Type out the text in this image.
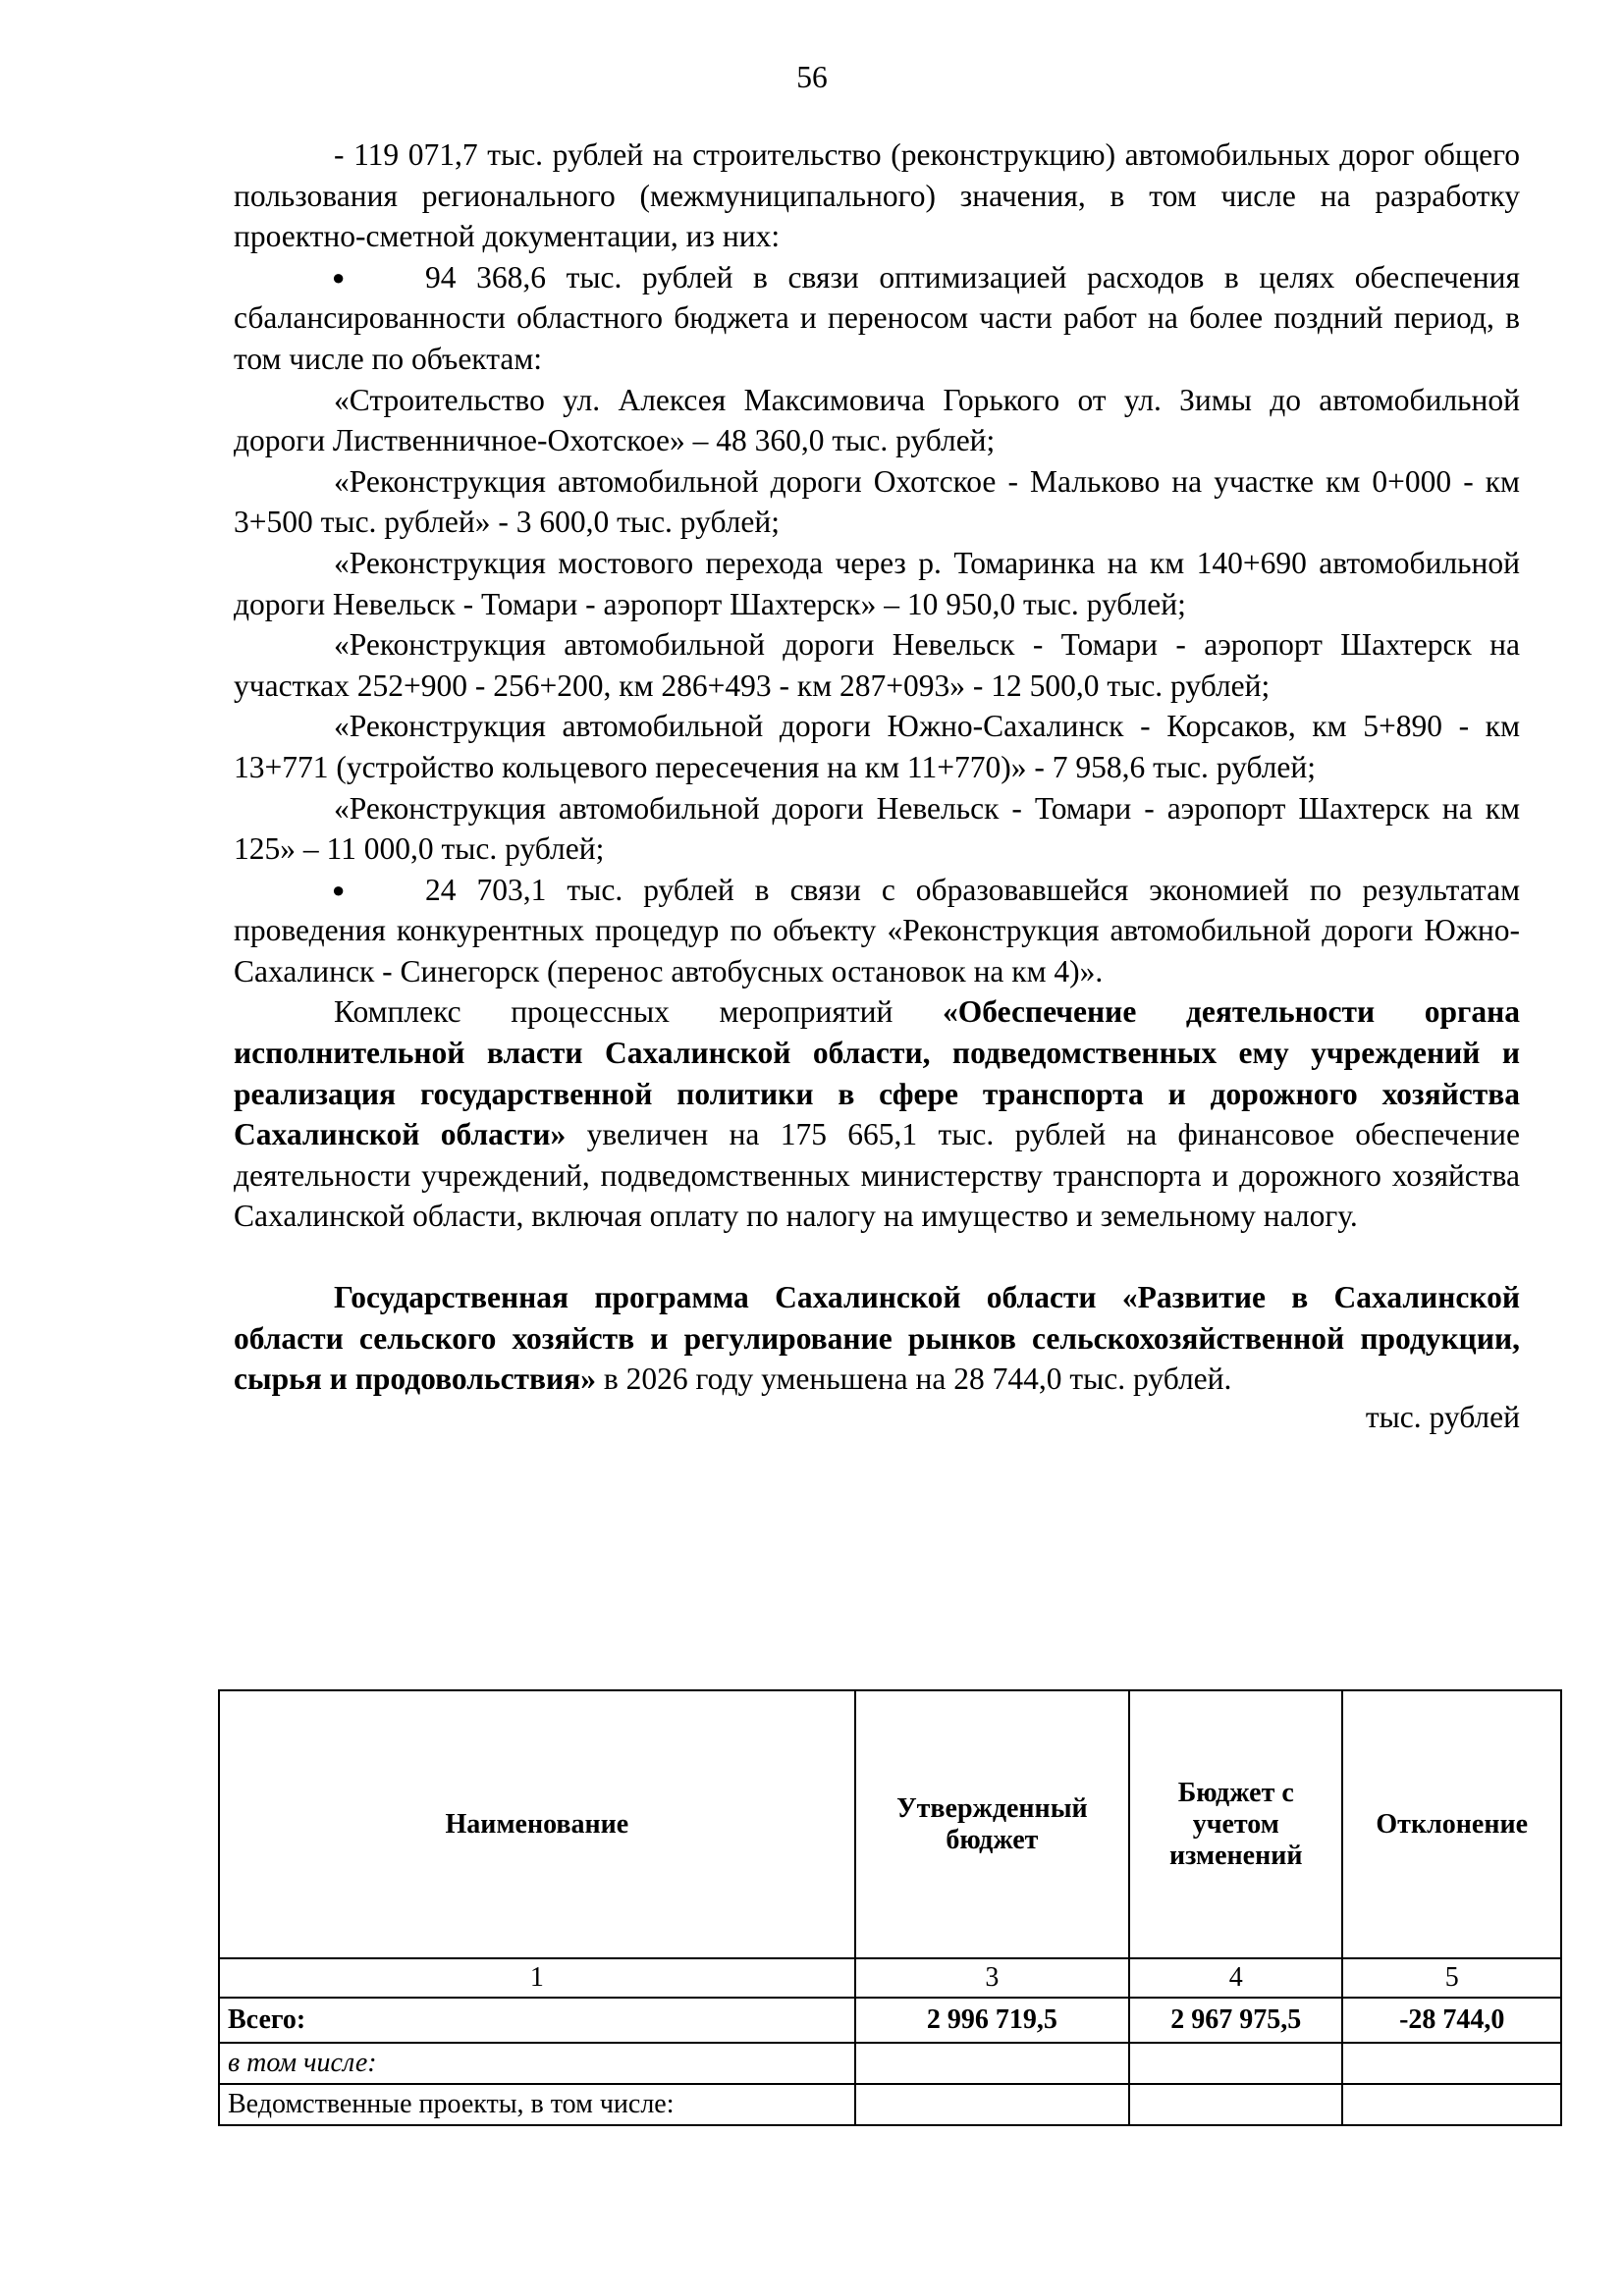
56

- 119 071,7 тыс. рублей на строительство (реконструкцию) автомобильных дорог общего пользования регионального (межмуниципального) значения, в том числе на разработку проектно-сметной документации, из них:

●	94 368,6 тыс. рублей в связи оптимизацией расходов в целях обеспечения сбалансированности областного бюджета и переносом части работ на более поздний период, в том числе по объектам:

«Строительство ул. Алексея Максимовича Горького от ул. Зимы до автомобильной дороги Лиственничное-Охотское» – 48 360,0 тыс. рублей;

«Реконструкция автомобильной дороги Охотское - Мальково на участке км 0+000 - км 3+500 тыс. рублей» - 3 600,0 тыс. рублей;

«Реконструкция мостового перехода через р. Томаринка на км 140+690 автомобильной дороги Невельск - Томари - аэропорт Шахтерск» – 10 950,0 тыс. рублей;

«Реконструкция автомобильной дороги Невельск - Томари - аэропорт Шахтерск на участках 252+900 - 256+200, км 286+493 - км 287+093» - 12 500,0 тыс. рублей;

«Реконструкция автомобильной дороги Южно-Сахалинск - Корсаков, км 5+890 - км 13+771 (устройство кольцевого пересечения на км 11+770)» - 7 958,6 тыс. рублей;

«Реконструкция автомобильной дороги Невельск - Томари - аэропорт Шахтерск на км 125» – 11 000,0 тыс. рублей;

●	24 703,1 тыс. рублей в связи с образовавшейся экономией по результатам проведения конкурентных процедур по объекту «Реконструкция автомобильной дороги Южно-Сахалинск - Синегорск (перенос автобусных остановок на км 4)».

Комплекс процессных мероприятий «Обеспечение деятельности органа исполнительной власти Сахалинской области, подведомственных ему учреждений и реализация государственной политики в сфере транспорта и дорожного хозяйства Сахалинской области» увеличен на 175 665,1 тыс. рублей на финансовое обеспечение деятельности учреждений, подведомственных министерству транспорта и дорожного хозяйства Сахалинской области, включая оплату по налогу на имущество и земельному налогу.

Государственная программа Сахалинской области «Развитие в Сахалинской области сельского хозяйств и регулирование рынков сельскохозяйственной продукции, сырья и продовольствия» в 2026 году уменьшена на 28 744,0 тыс. рублей.

тыс. рублей

Наименование	Утвержденный бюджет	Бюджет с учетом изменений	Отклонение
1	3	4	5
Всего:	2 996 719,5	2 967 975,5	-28 744,0
в том числе:			
Ведомственные проекты, в том числе:			
